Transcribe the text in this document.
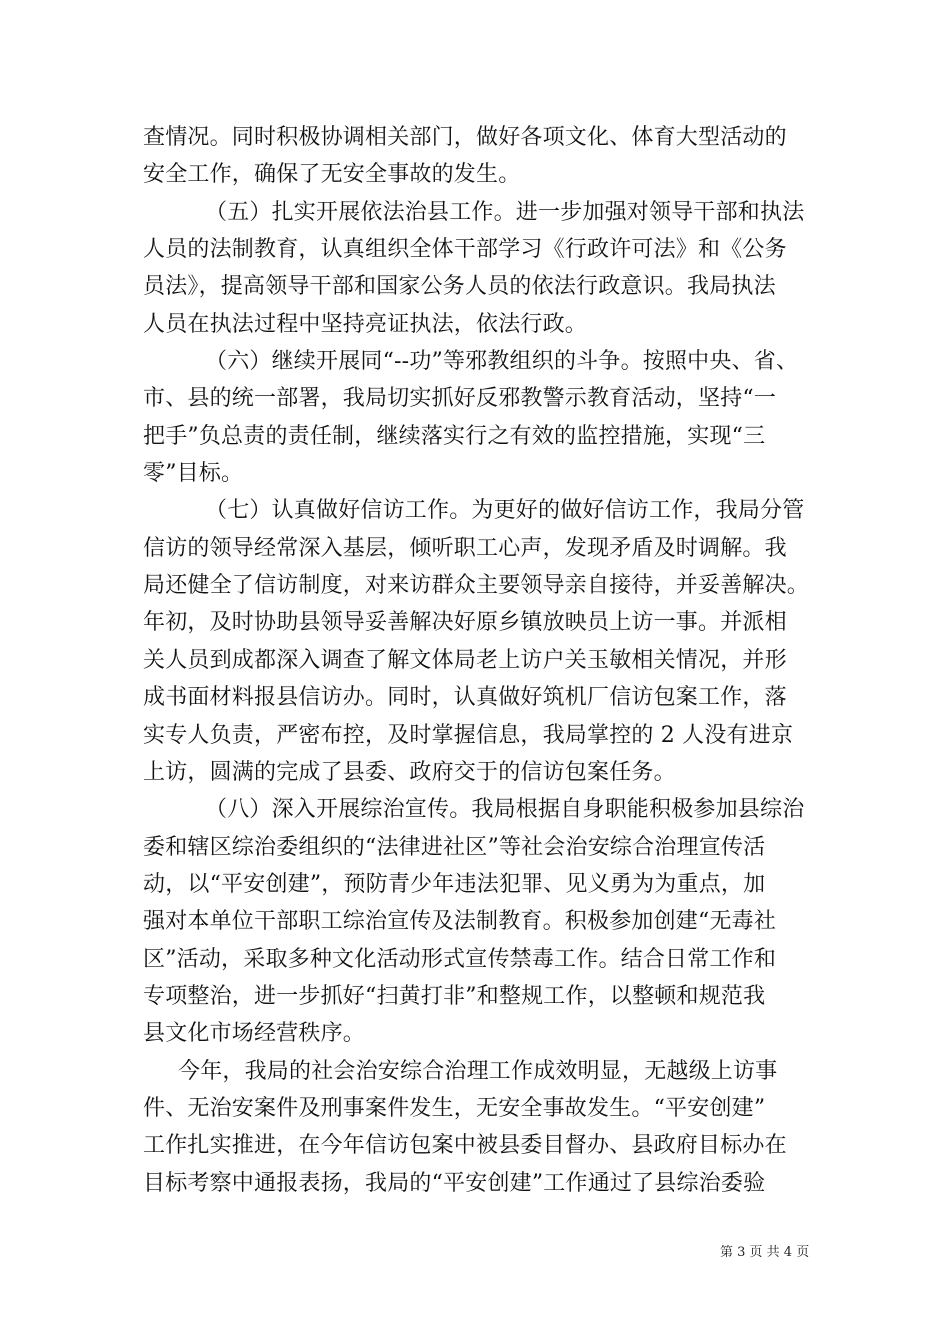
查情况。同时积极协调相关部门，做好各项文化、体育大型活动的
安全工作，确保了无安全事故的发生。
（五）扎实开展依法治县工作。进一步加强对领导干部和执法
人员的法制教育，认真组织全体干部学习《行政许可法》和《公务
员法》，提高领导干部和国家公务人员的依法行政意识。我局执法
人员在执法过程中坚持亮证执法，依法行政。
（六）继续开展同“--功”等邪教组织的斗争。按照中央、省、
市、县的统一部署，我局切实抓好反邪教警示教育活动，坚持“一
把手”负总责的责任制，继续落实行之有效的监控措施，实现“三
零”目标。
（七）认真做好信访工作。为更好的做好信访工作，我局分管
信访的领导经常深入基层，倾听职工心声，发现矛盾及时调解。我
局还健全了信访制度，对来访群众主要领导亲自接待，并妥善解决。
年初，及时协助县领导妥善解决好原乡镇放映员上访一事。并派相
关人员到成都深入调查了解文体局老上访户关玉敏相关情况，并形
成书面材料报县信访办。同时，认真做好筑机厂信访包案工作，落
实专人负责，严密布控，及时掌握信息，我局掌控的 2 人没有进京
上访，圆满的完成了县委、政府交于的信访包案任务。
（八）深入开展综治宣传。我局根据自身职能积极参加县综治
委和辖区综治委组织的“法律进社区”等社会治安综合治理宣传活
动，以“平安创建”，预防青少年违法犯罪、见义勇为为重点，加
强对本单位干部职工综治宣传及法制教育。积极参加创建“无毒社
区”活动，采取多种文化活动形式宣传禁毒工作。结合日常工作和
专项整治，进一步抓好“扫黄打非”和整规工作，以整顿和规范我
县文化市场经营秩序。
今年，我局的社会治安综合治理工作成效明显，无越级上访事
件、无治安案件及刑事案件发生，无安全事故发生。“平安创建”
工作扎实推进，在今年信访包案中被县委目督办、县政府目标办在
目标考察中通报表扬，我局的“平安创建”工作通过了县综治委验
第 3 页 共 4 页
